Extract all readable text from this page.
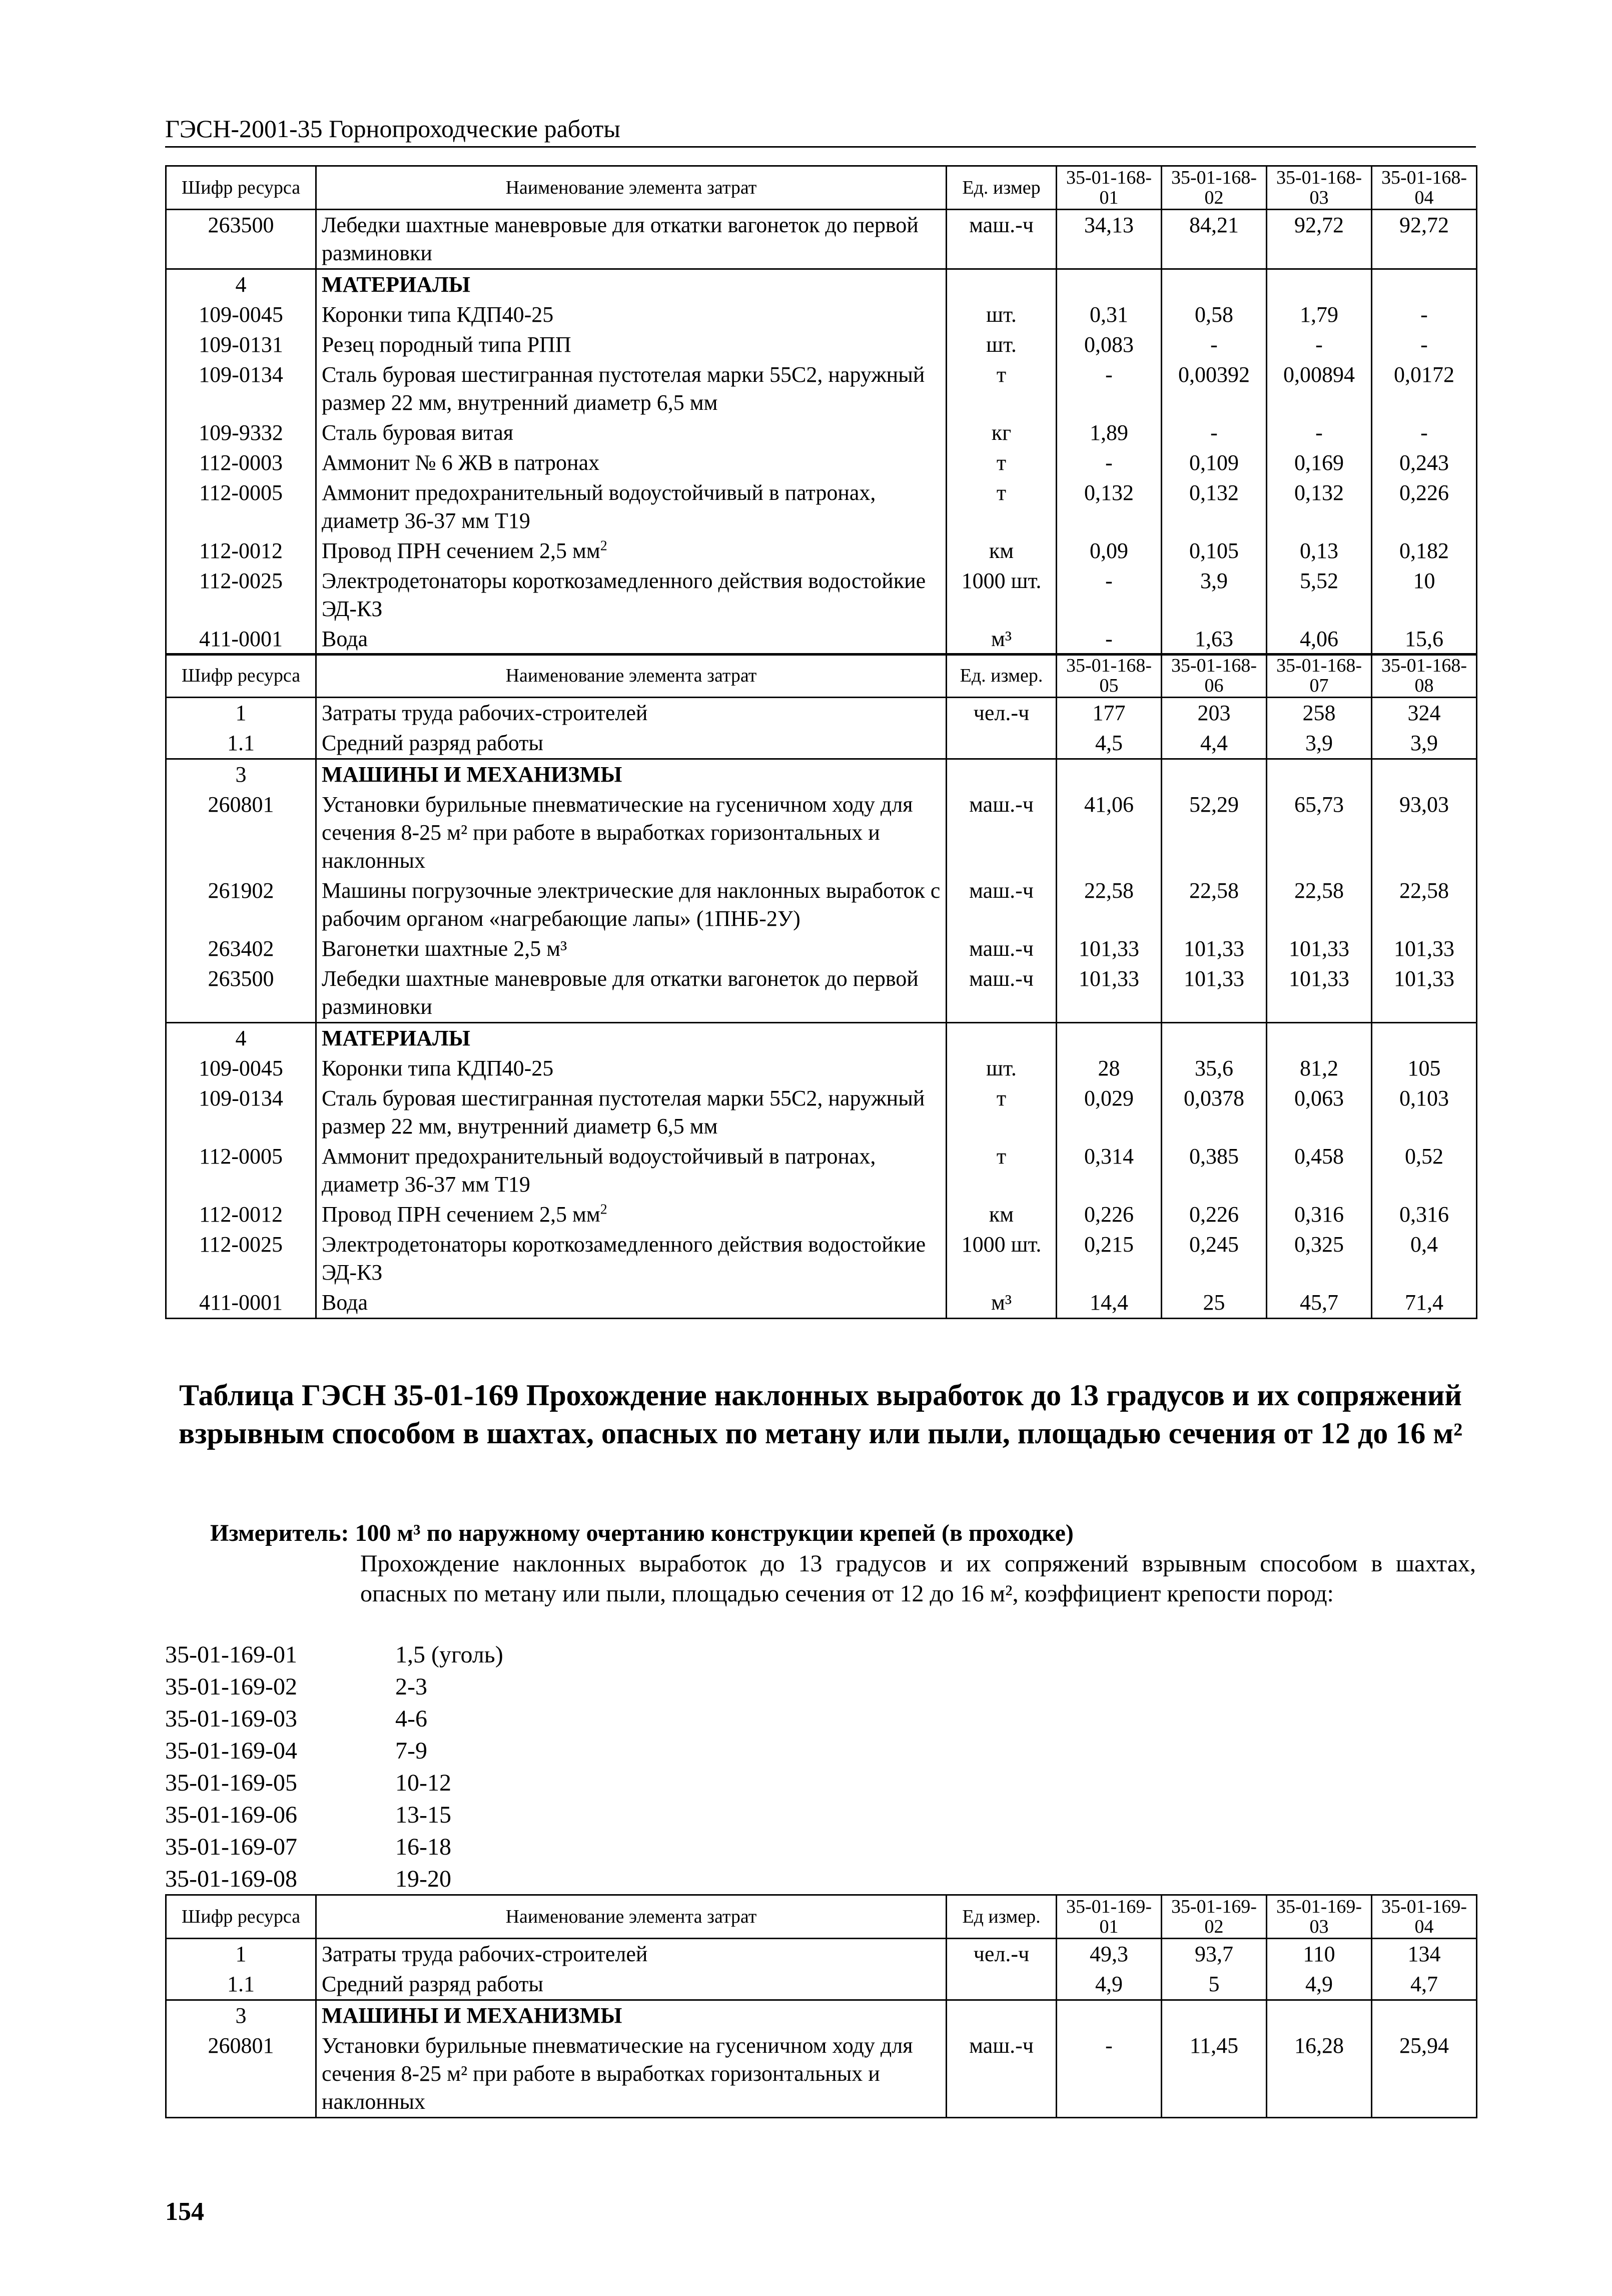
ГЭСН-2001-35 Горнопроходческие работы
Шифр ресурса	Наименование элемента затрат	Ед. измер	35-01-168-01	35-01-168-02	35-01-168-03	35-01-168-04
263500	Лебедки шахтные маневровые для откатки вагонеток до первой разминовки	маш.-ч	34,13	84,21	92,72	92,72
4	МАТЕРИАЛЫ					
109-0045	Коронки типа КДП40-25	шт.	0,31	0,58	1,79	-
109-0131	Резец породный типа РПП	шт.	0,083	-	-	-
109-0134	Сталь буровая шестигранная пустотелая марки 55С2, наружный размер 22 мм, внутренний диаметр 6,5 мм	т	-	0,00392	0,00894	0,0172
109-9332	Сталь буровая витая	кг	1,89	-	-	-
112-0003	Аммонит № 6 ЖВ в патронах	т	-	0,109	0,169	0,243
112-0005	Аммонит предохранительный водоустойчивый в патронах, диаметр 36-37 мм Т19	т	0,132	0,132	0,132	0,226
112-0012	Провод ПРН сечением 2,5 $мм^2$	км	0,09	0,105	0,13	0,182
112-0025	Электродетонаторы короткозамедленного действия водостойкие ЭД-КЗ	1000 шт.	-	3,9	5,52	10
411-0001	Вода	м³	-	1,63	4,06	15,6
Шифр ресурса	Наименование элемента затрат	Ед. измер.	35-01-168-05	35-01-168-06	35-01-168-07	35-01-168-08
1	Затраты труда рабочих-строителей	чел.-ч	177	203	258	324
1.1	Средний разряд работы		4,5	4,4	3,9	3,9
3	МАШИНЫ И МЕХАНИЗМЫ					
260801	Установки бурильные пневматические на гусеничном ходу для сечения 8-25 м² при работе в выработках горизонтальных и наклонных	маш.-ч	41,06	52,29	65,73	93,03
261902	Машины погрузочные электрические для наклонных выработок с рабочим органом «нагребающие лапы» (1ПНБ-2У)	маш.-ч	22,58	22,58	22,58	22,58
263402	Вагонетки шахтные 2,5 м³	маш.-ч	101,33	101,33	101,33	101,33
263500	Лебедки шахтные маневровые для откатки вагонеток до первой разминовки	маш.-ч	101,33	101,33	101,33	101,33
4	МАТЕРИАЛЫ					
109-0045	Коронки типа КДП40-25	шт.	28	35,6	81,2	105
109-0134	Сталь буровая шестигранная пустотелая марки 55С2, наружный размер 22 мм, внутренний диаметр 6,5 мм	т	0,029	0,0378	0,063	0,103
112-0005	Аммонит предохранительный водоустойчивый в патронах, диаметр 36-37 мм Т19	т	0,314	0,385	0,458	0,52
112-0012	Провод ПРН сечением 2,5 $мм^2$	км	0,226	0,226	0,316	0,316
112-0025	Электродетонаторы короткозамедленного действия водостойкие ЭД-КЗ	1000 шт.	0,215	0,245	0,325	0,4
411-0001	Вода	м³	14,4	25	45,7	71,4
Таблица ГЭСН 35-01-169 Прохождение наклонных выработок до 13 градусов и их сопряжений взрывным способом в шахтах, опасных по метану или пыли, площадью сечения от 12 до 16 м²
Измеритель: 100 м³ по наружному очертанию конструкции крепей (в проходке)
Прохождение наклонных выработок до 13 градусов и их сопряжений взрывным способом в шахтах, опасных по метану или пыли, площадью сечения от 12 до 16 м², коэффициент крепости пород:
35-01-169-01	1,5 (уголь)
35-01-169-02	2-3
35-01-169-03	4-6
35-01-169-04	7-9
35-01-169-05	10-12
35-01-169-06	13-15
35-01-169-07	16-18
35-01-169-08	19-20
Шифр ресурса	Наименование элемента затрат	Ед измер.	35-01-169-01	35-01-169-02	35-01-169-03	35-01-169-04
1	Затраты труда рабочих-строителей	чел.-ч	49,3	93,7	110	134
1.1	Средний разряд работы		4,9	5	4,9	4,7
3	МАШИНЫ И МЕХАНИЗМЫ					
260801	Установки бурильные пневматические на гусеничном ходу для сечения 8-25 м² при работе в выработках горизонтальных и наклонных	маш.-ч	-	11,45	16,28	25,94
154
